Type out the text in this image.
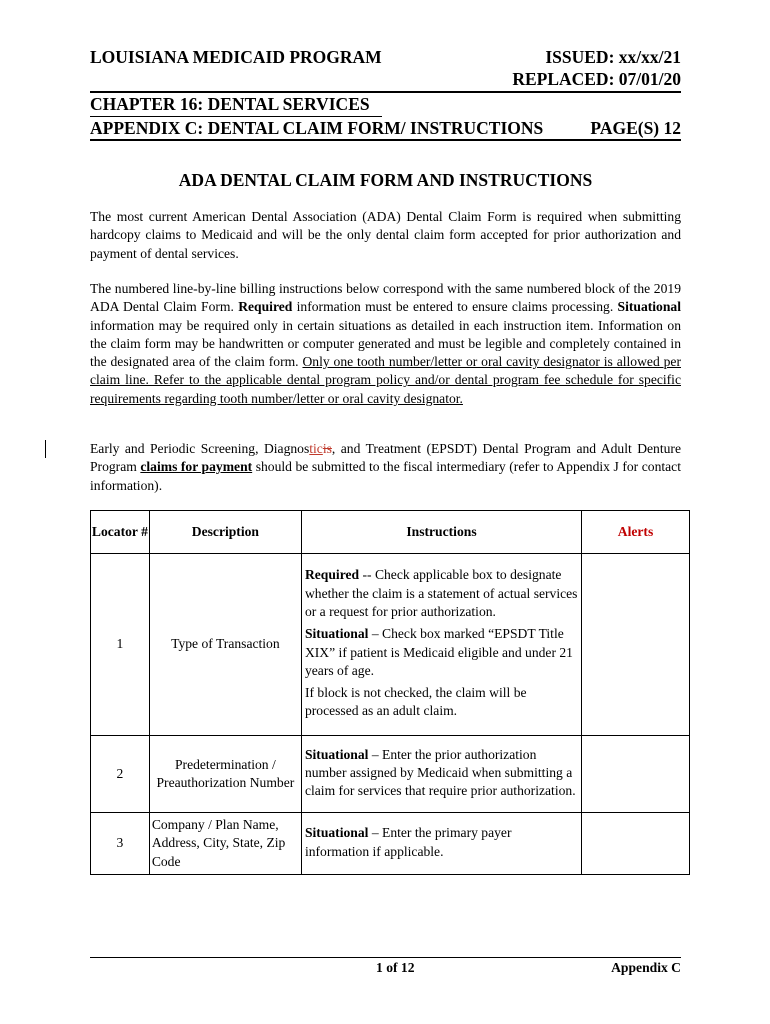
LOUISIANA MEDICAID PROGRAM	ISSUED: xx/xx/21
REPLACED: 07/01/20
CHAPTER 16: DENTAL SERVICES
APPENDIX C: DENTAL CLAIM FORM/ INSTRUCTIONS	PAGE(S) 12
ADA DENTAL CLAIM FORM AND INSTRUCTIONS
The most current American Dental Association (ADA) Dental Claim Form is required when submitting hardcopy claims to Medicaid and will be the only dental claim form accepted for prior authorization and payment of dental services.
The numbered line-by-line billing instructions below correspond with the same numbered block of the 2019 ADA Dental Claim Form. Required information must be entered to ensure claims processing. Situational information may be required only in certain situations as detailed in each instruction item. Information on the claim form may be handwritten or computer generated and must be legible and completely contained in the designated area of the claim form. Only one tooth number/letter or oral cavity designator is allowed per claim line. Refer to the applicable dental program policy and/or dental program fee schedule for specific requirements regarding tooth number/letter or oral cavity designator.
Early and Periodic Screening, Diagnosticis, and Treatment (EPSDT) Dental Program and Adult Denture Program claims for payment should be submitted to the fiscal intermediary (refer to Appendix J for contact information).
Locator #	Description	Instructions	Alerts
1	Type of Transaction	Required -- Check applicable box to designate whether the claim is a statement of actual services or a request for prior authorization.

Situational – Check box marked “EPSDT Title XIX” if patient is Medicaid eligible and under 21 years of age.

If block is not checked, the claim will be processed as an adult claim.	

2	Predetermination / Preauthorization Number	Situational – Enter the prior authorization number assigned by Medicaid when submitting a claim for services that require prior authorization.	

3	Company / Plan Name, Address, City, State, Zip Code	Situational – Enter the primary payer information if applicable.	

1 of 12	Appendix C
